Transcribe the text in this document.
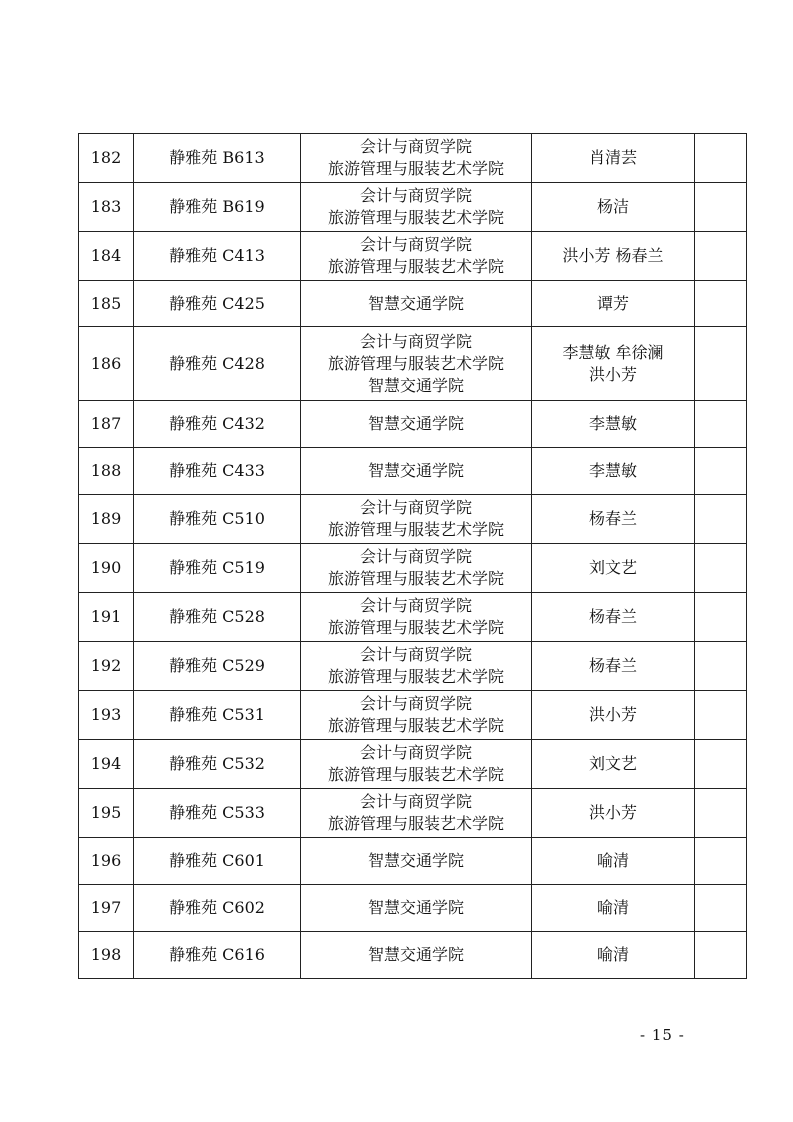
182	静雅苑 B613	会计与商贸学院
旅游管理与服装艺术学院	肖清芸	

183	静雅苑 B619	会计与商贸学院
旅游管理与服装艺术学院	杨洁	

184	静雅苑 C413	会计与商贸学院
旅游管理与服装艺术学院	洪小芳 杨春兰	

185	静雅苑 C425	智慧交通学院	谭芳	

186	静雅苑 C428	会计与商贸学院
旅游管理与服装艺术学院
智慧交通学院	李慧敏 牟徐澜
洪小芳	

187	静雅苑 C432	智慧交通学院	李慧敏	

188	静雅苑 C433	智慧交通学院	李慧敏	

189	静雅苑 C510	会计与商贸学院
旅游管理与服装艺术学院	杨春兰	

190	静雅苑 C519	会计与商贸学院
旅游管理与服装艺术学院	刘文艺	

191	静雅苑 C528	会计与商贸学院
旅游管理与服装艺术学院	杨春兰	

192	静雅苑 C529	会计与商贸学院
旅游管理与服装艺术学院	杨春兰	

193	静雅苑 C531	会计与商贸学院
旅游管理与服装艺术学院	洪小芳	

194	静雅苑 C532	会计与商贸学院
旅游管理与服装艺术学院	刘文艺	

195	静雅苑 C533	会计与商贸学院
旅游管理与服装艺术学院	洪小芳	

196	静雅苑 C601	智慧交通学院	喻清	

197	静雅苑 C602	智慧交通学院	喻清	

198	静雅苑 C616	智慧交通学院	喻清	

- 15 -
